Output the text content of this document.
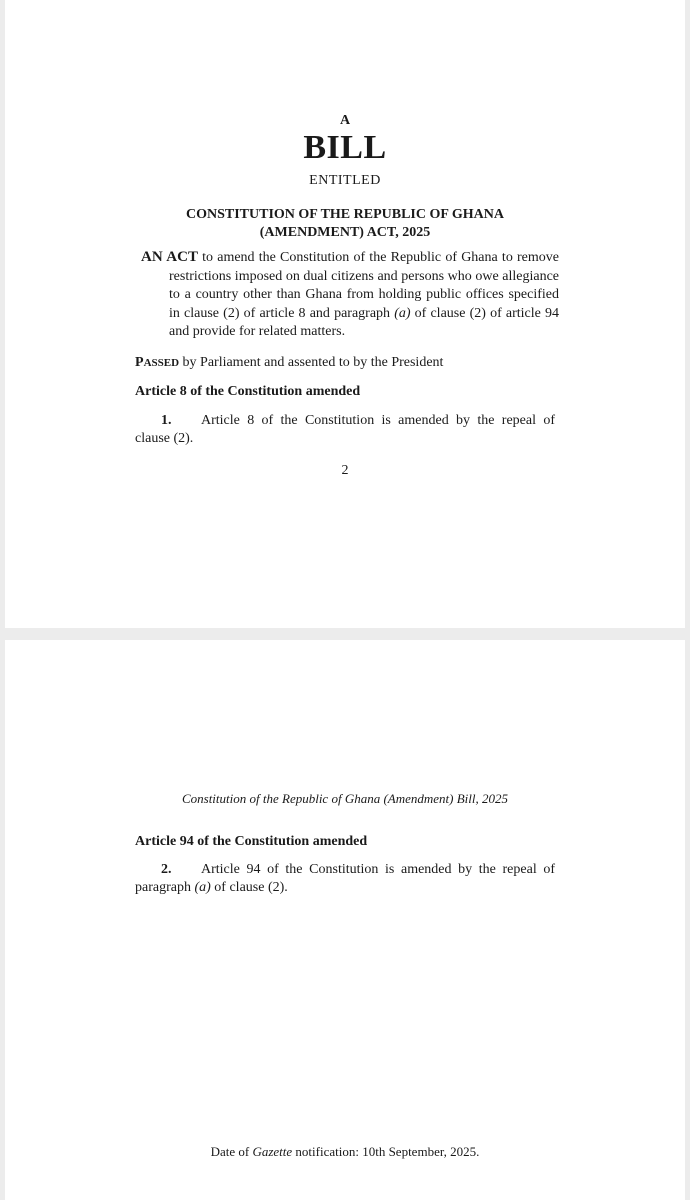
A

BILL

ENTITLED

CONSTITUTION OF THE REPUBLIC OF GHANA
(AMENDMENT) ACT, 2025
AN ACT to amend the Constitution of the Republic of Ghana to remove restrictions imposed on dual citizens and persons who owe allegiance to a country other than Ghana from holding public offices specified in clause (2) of article 8 and paragraph (a) of clause (2) of article 94 and provide for related matters.

PASSED by Parliament and assented to by the President

Article 8 of the Constitution amended

1. Article 8 of the Constitution is amended by the repeal of clause (2).

2

Constitution of the Republic of Ghana (Amendment) Bill, 2025

Article 94 of the Constitution amended

2. Article 94 of the Constitution is amended by the repeal of paragraph (a) of clause (2).

Date of Gazette notification: 10th September, 2025.
